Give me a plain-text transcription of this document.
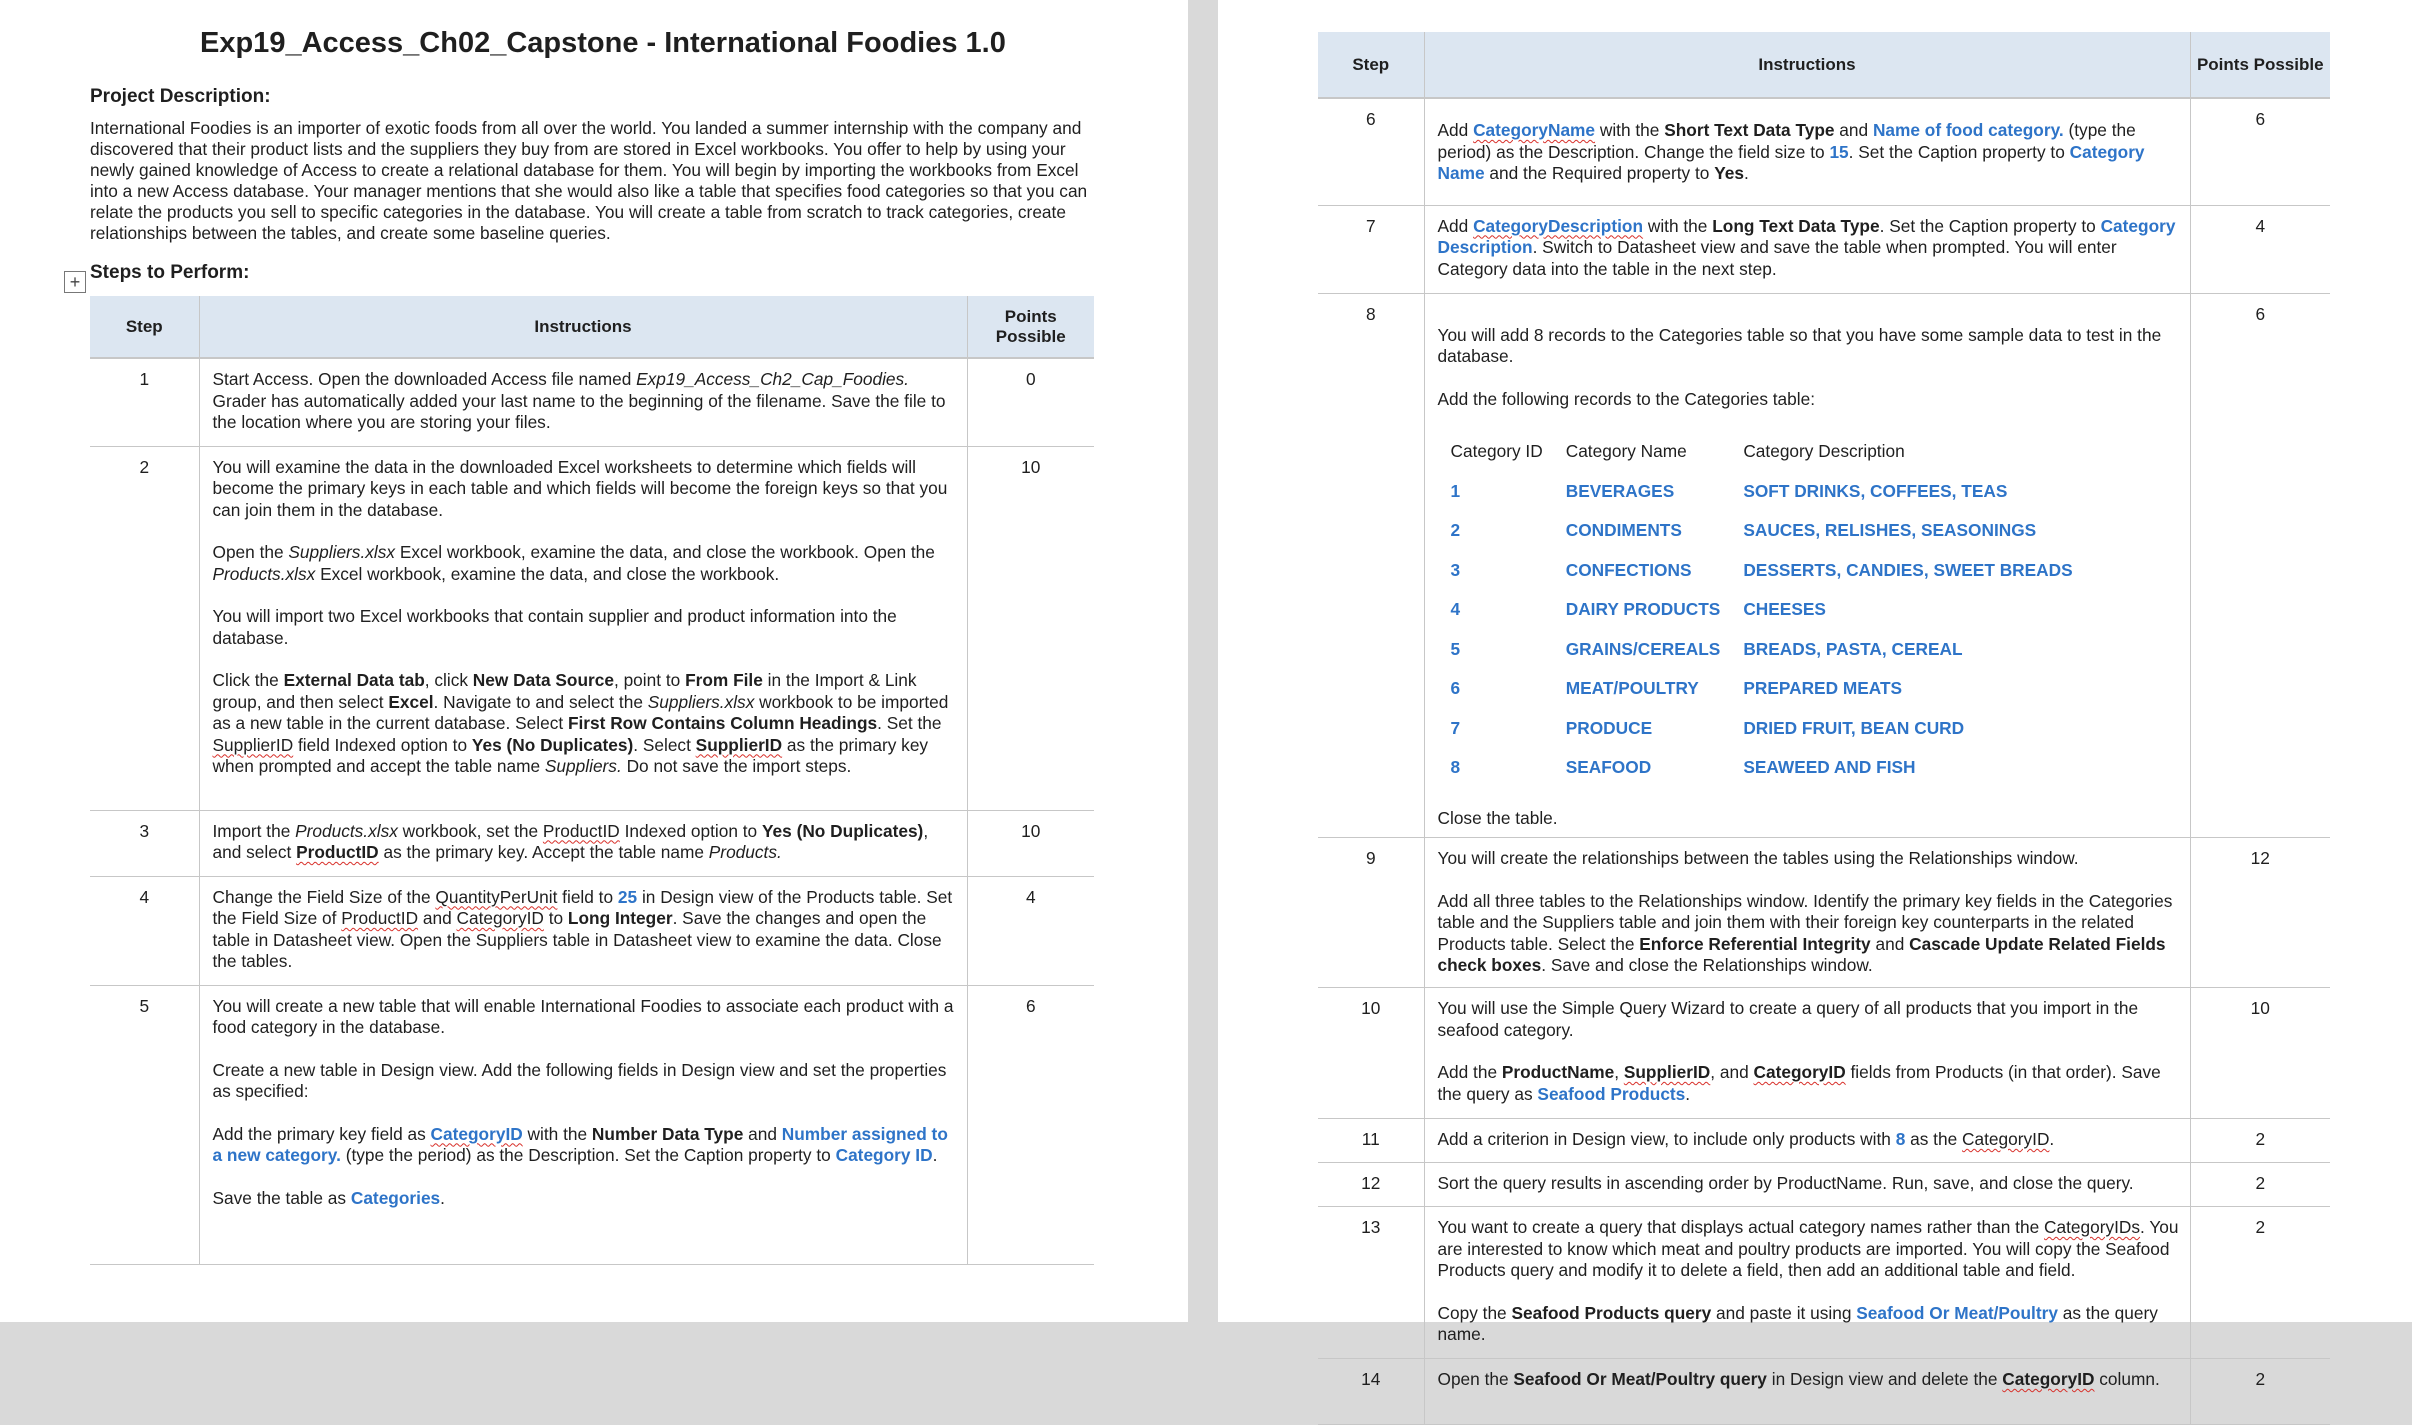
Exp19_Access_Ch02_Capstone - International Foodies 1.0
Project Description:
International Foodies is an importer of exotic foods from all over the world. You landed a summer internship with the company and discovered that their product lists and the suppliers they buy from are stored in Excel workbooks. You offer to help by using your newly gained knowledge of Access to create a relational database for them. You will begin by importing the workbooks from Excel into a new Access database. Your manager mentions that she would also like a table that specifies food categories so that you can relate the products you sell to specific categories in the database. You will create a table from scratch to track categories, create relationships between the tables, and create some baseline queries.
+ Steps to Perform:
Step	Instructions	Points Possible
1	Start Access. Open the downloaded Access file named Exp19_Access_Ch2_Cap_Foodies. Grader has automatically added your last name to the beginning of the filename. Save the file to the location where you are storing your files.	0
2	You will examine the data in the downloaded Excel worksheets to determine which fields will become the primary keys in each table and which fields will become the foreign keys so that you can join them in the database.
Open the Suppliers.xlsx Excel workbook, examine the data, and close the workbook. Open the Products.xlsx Excel workbook, examine the data, and close the workbook.
You will import two Excel workbooks that contain supplier and product information into the database.
Click the External Data tab, click New Data Source, point to From File in the Import & Link group, and then select Excel. Navigate to and select the Suppliers.xlsx workbook to be imported as a new table in the current database. Select First Row Contains Column Headings. Set the SupplierID field Indexed option to Yes (No Duplicates). Select SupplierID as the primary key when prompted and accept the table name Suppliers. Do not save the import steps.	10
3	Import the Products.xlsx workbook, set the ProductID Indexed option to Yes (No Duplicates), and select ProductID as the primary key. Accept the table name Products.	10
4	Change the Field Size of the QuantityPerUnit field to 25 in Design view of the Products table. Set the Field Size of ProductID and CategoryID to Long Integer. Save the changes and open the table in Datasheet view. Open the Suppliers table in Datasheet view to examine the data. Close the tables.	4
5	You will create a new table that will enable International Foodies to associate each product with a food category in the database.
Create a new table in Design view. Add the following fields in Design view and set the properties as specified:
Add the primary key field as CategoryID with the Number Data Type and Number assigned to a new category. (type the period) as the Description. Set the Caption property to Category ID.
Save the table as Categories.	6
Step	Instructions	Points Possible
6	
Add CategoryName with the Short Text Data Type and Name of food category. (type the period) as the Description. Change the field size to 15. Set the Caption property to Category Name and the Required property to Yes.
	6
7	Add CategoryDescription with the Long Text Data Type. Set the Caption property to Category Description. Switch to Datasheet view and save the table when prompted. You will enter Category data into the table in the next step.
	4
8	
You will add 8 records to the Categories table so that you have some sample data to test in the database.
Add the following records to the Categories table:
Category ID	Category Name	Category Description
1	BEVERAGES	SOFT DRINKS, COFFEES, TEAS
2	CONDIMENTS	SAUCES, RELISHES, SEASONINGS
3	CONFECTIONS	DESSERTS, CANDIES, SWEET BREADS
4	DAIRY PRODUCTS	CHEESES
5	GRAINS/CEREALS	BREADS, PASTA, CEREAL
6	MEAT/POULTRY	PREPARED MEATS
7	PRODUCE	DRIED FRUIT, BEAN CURD
8	SEAFOOD	SEAWEED AND FISH
Close the table.
	6
9	You will create the relationships between the tables using the Relationships window.
Add all three tables to the Relationships window. Identify the primary key fields in the Categories table and the Suppliers table and join them with their foreign key counterparts in the related Products table. Select the Enforce Referential Integrity and Cascade Update Related Fields check boxes. Save and close the Relationships window.
	12
10	You will use the Simple Query Wizard to create a query of all products that you import in the seafood category.
Add the ProductName, SupplierID, and CategoryID fields from Products (in that order). Save the query as Seafood Products.
	10
11	Add a criterion in Design view, to include only products with 8 as the CategoryID.	2
12	Sort the query results in ascending order by ProductName. Run, save, and close the query.	2
13	You want to create a query that displays actual category names rather than the CategoryIDs. You are interested to know which meat and poultry products are imported. You will copy the Seafood Products query and modify it to delete a field, then add an additional table and field.
Copy the Seafood Products query and paste it using Seafood Or Meat/Poultry as the query name.
	2
14	Open the Seafood Or Meat/Poultry query in Design view and delete the CategoryID column.	2
